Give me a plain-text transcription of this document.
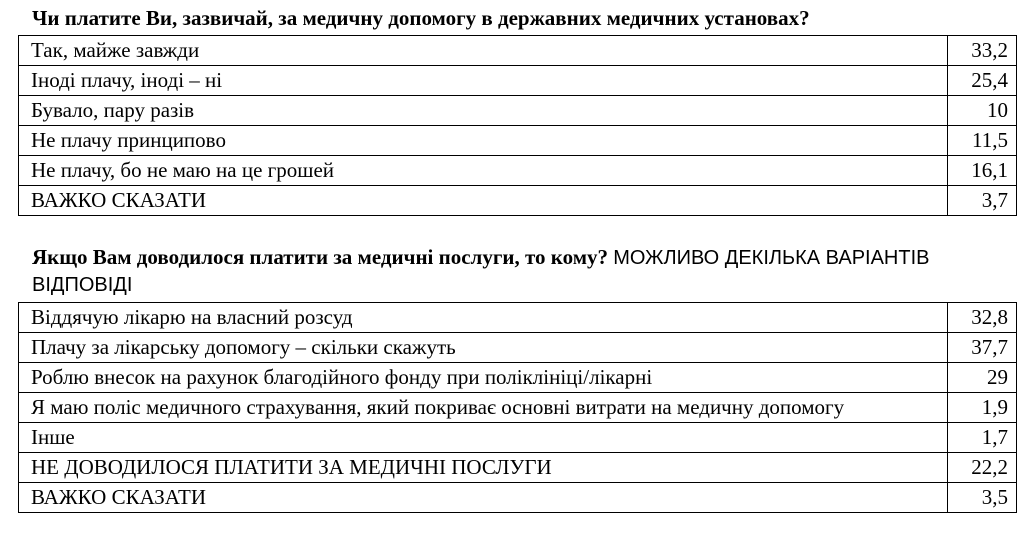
Чи платите Ви, зазвичай, за медичну допомогу в державних медичних установах?

Так, майже завжди	33,2
Іноді плачу, іноді – ні	25,4
Бувало, пару разів	10
Не плачу принципово	11,5
Не плачу, бо не маю на це грошей	16,1
ВАЖКО СКАЗАТИ	3,7

Якщо Вам доводилося платити за медичні послуги, то кому? МОЖЛИВО ДЕКІЛЬКА ВАРІАНТІВ ВІДПОВІДІ

Віддячую лікарю на власний розсуд	32,8
Плачу за лікарську допомогу – скільки скажуть	37,7
Роблю внесок на рахунок благодійного фонду при поліклініці/лікарні	29
Я маю поліс медичного страхування, який покриває основні витрати на медичну допомогу	1,9
Інше	1,7
НЕ ДОВОДИЛОСЯ ПЛАТИТИ ЗА МЕДИЧНІ ПОСЛУГИ	22,2
ВАЖКО СКАЗАТИ	3,5
